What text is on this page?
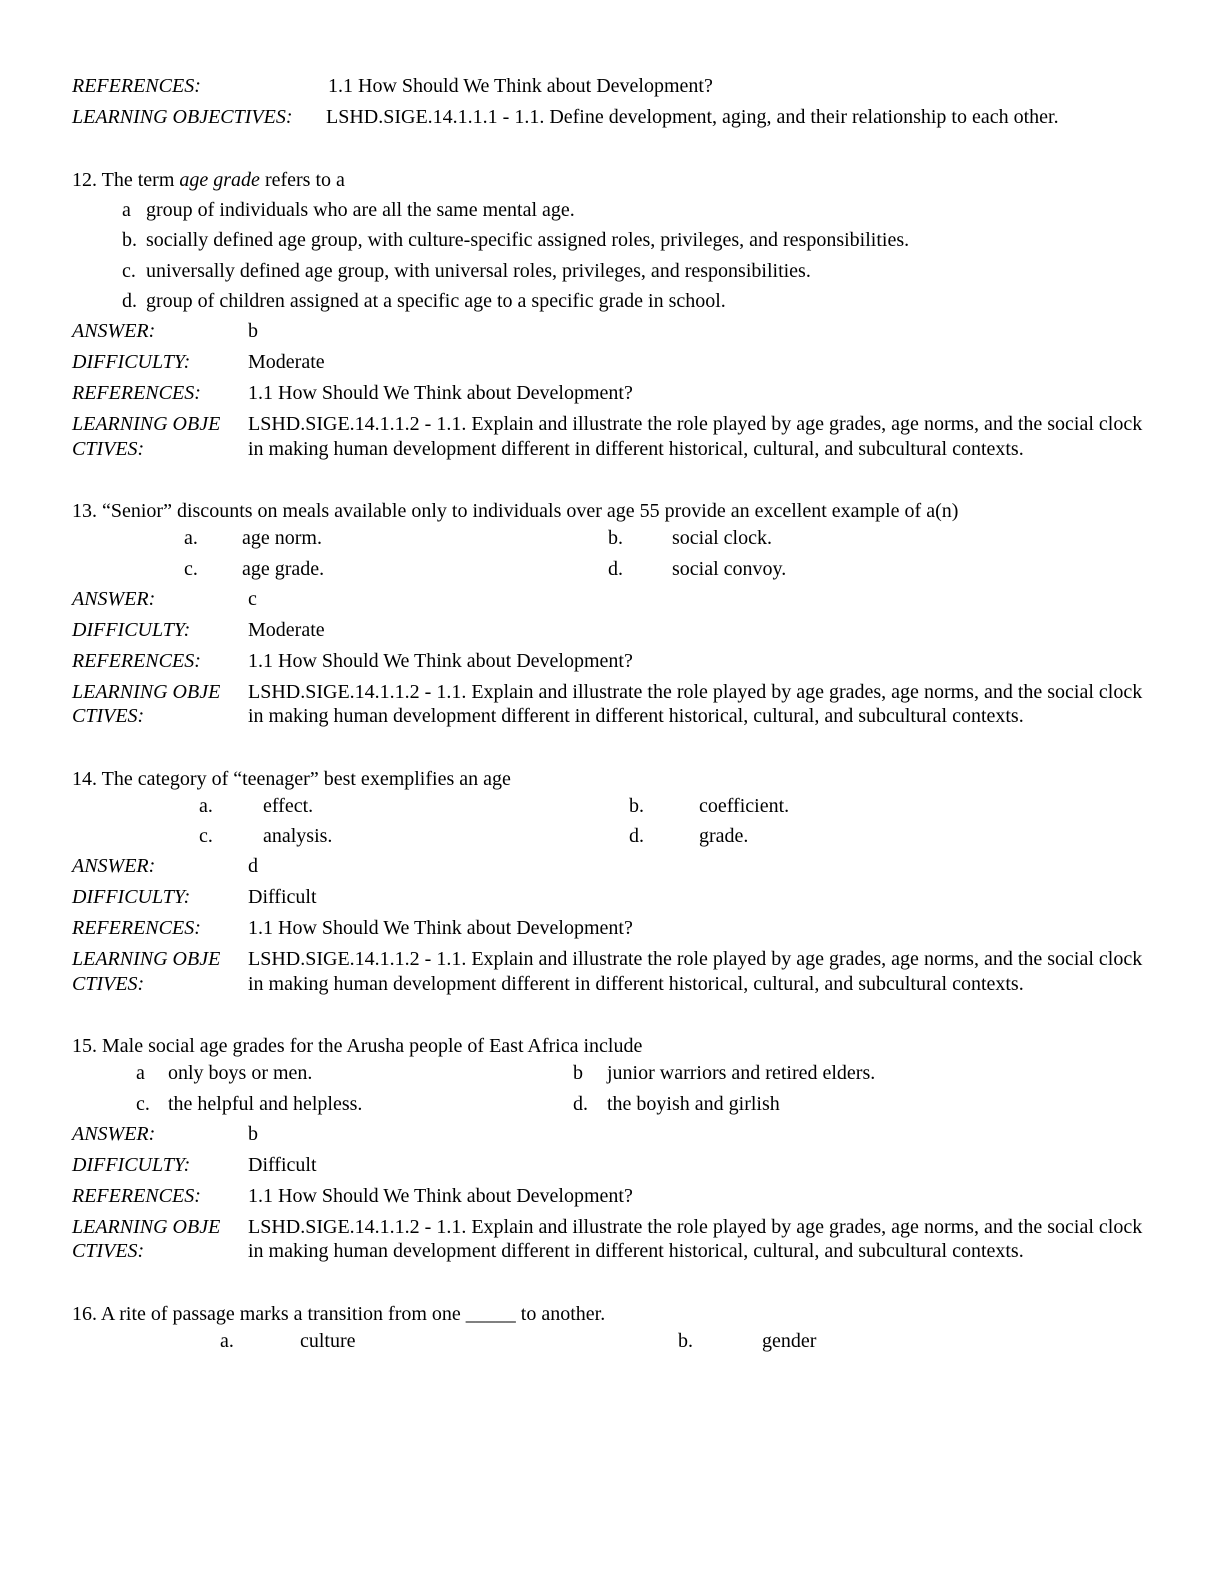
REFERENCES:	1.1 How Should We Think about Development?
LEARNING OBJECTIVES:	LSHD.SIGE.14.1.1.1 - 1.1. Define development, aging, and their relationship to each other.
12. The term age grade refers to a
a group of individuals who are all the same mental age.
b. socially defined age group, with culture-specific assigned roles, privileges, and responsibilities.
c. universally defined age group, with universal roles, privileges, and responsibilities.
d. group of children assigned at a specific age to a specific grade in school.
ANSWER:	b
DIFFICULTY:	Moderate
REFERENCES:	1.1 How Should We Think about Development?
LEARNING OBJE
CTIVES:
LSHD.SIGE.14.1.1.2 - 1.1. Explain and illustrate the role played by age grades, age norms, and the social clock in making human development different in different historical, cultural, and subcultural contexts.
13. “Senior” discounts on meals available only to individuals over age 55 provide an excellent example of a(n)
a.	age norm.	b.	social clock.
c.	age grade.	d.	social convoy.
ANSWER:	c
DIFFICULTY:	Moderate
REFERENCES:	1.1 How Should We Think about Development?
LEARNING OBJE
CTIVES:
LSHD.SIGE.14.1.1.2 - 1.1. Explain and illustrate the role played by age grades, age norms, and the social clock in making human development different in different historical, cultural, and subcultural contexts.
14. The category of “teenager” best exemplifies an age
a.	effect.	b.	coefficient.
c.	analysis.	d.	grade.
ANSWER:	d
DIFFICULTY:	Difficult
REFERENCES:	1.1 How Should We Think about Development?
LEARNING OBJE
CTIVES:
LSHD.SIGE.14.1.1.2 - 1.1. Explain and illustrate the role played by age grades, age norms, and the social clock in making human development different in different historical, cultural, and subcultural contexts.
15. Male social age grades for the Arusha people of East Africa include
a	only boys or men.	b	junior warriors and retired elders.
c. the helpful and helpless.	d. the boyish and girlish
ANSWER:	b
DIFFICULTY:	Difficult
REFERENCES:	1.1 How Should We Think about Development?
LEARNING OBJE
CTIVES:
LSHD.SIGE.14.1.1.2 - 1.1. Explain and illustrate the role played by age grades, age norms, and the social clock in making human development different in different historical, cultural, and subcultural contexts.
16. A rite of passage marks a transition from one _____ to another.
a.	culture	b.	gender
